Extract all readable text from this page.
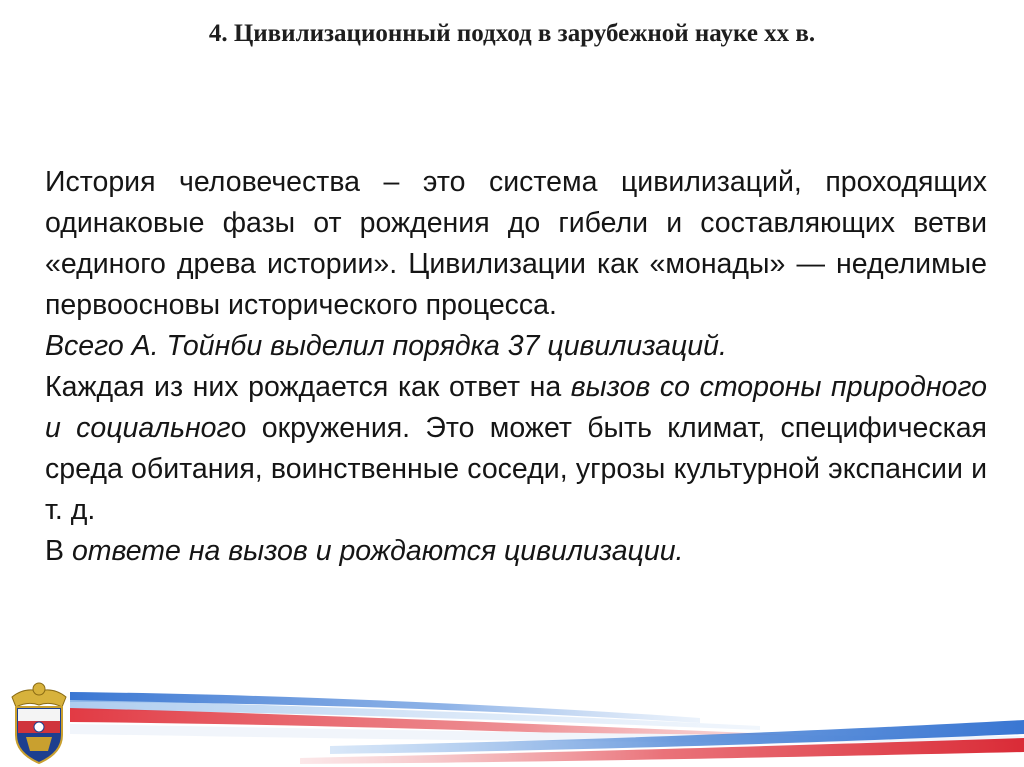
4. Цивилизационный подход в зарубежной науке xx в.

История человечества – это система цивилизаций, проходящих одинаковые фазы от рождения до гибели и составляющих ветви «единого древа истории». Цивилизации как «монады» — неделимые первоосновы исторического процесса.

Всего А. Тойнби выделил порядка 37 цивилизаций.

Каждая из них рождается как ответ на вызов со стороны природного и социального окружения. Это может быть климат, специфическая среда обитания, воинственные соседи, угрозы культурной экспансии и т. д.

В ответе на вызов и рождаются цивилизации.
